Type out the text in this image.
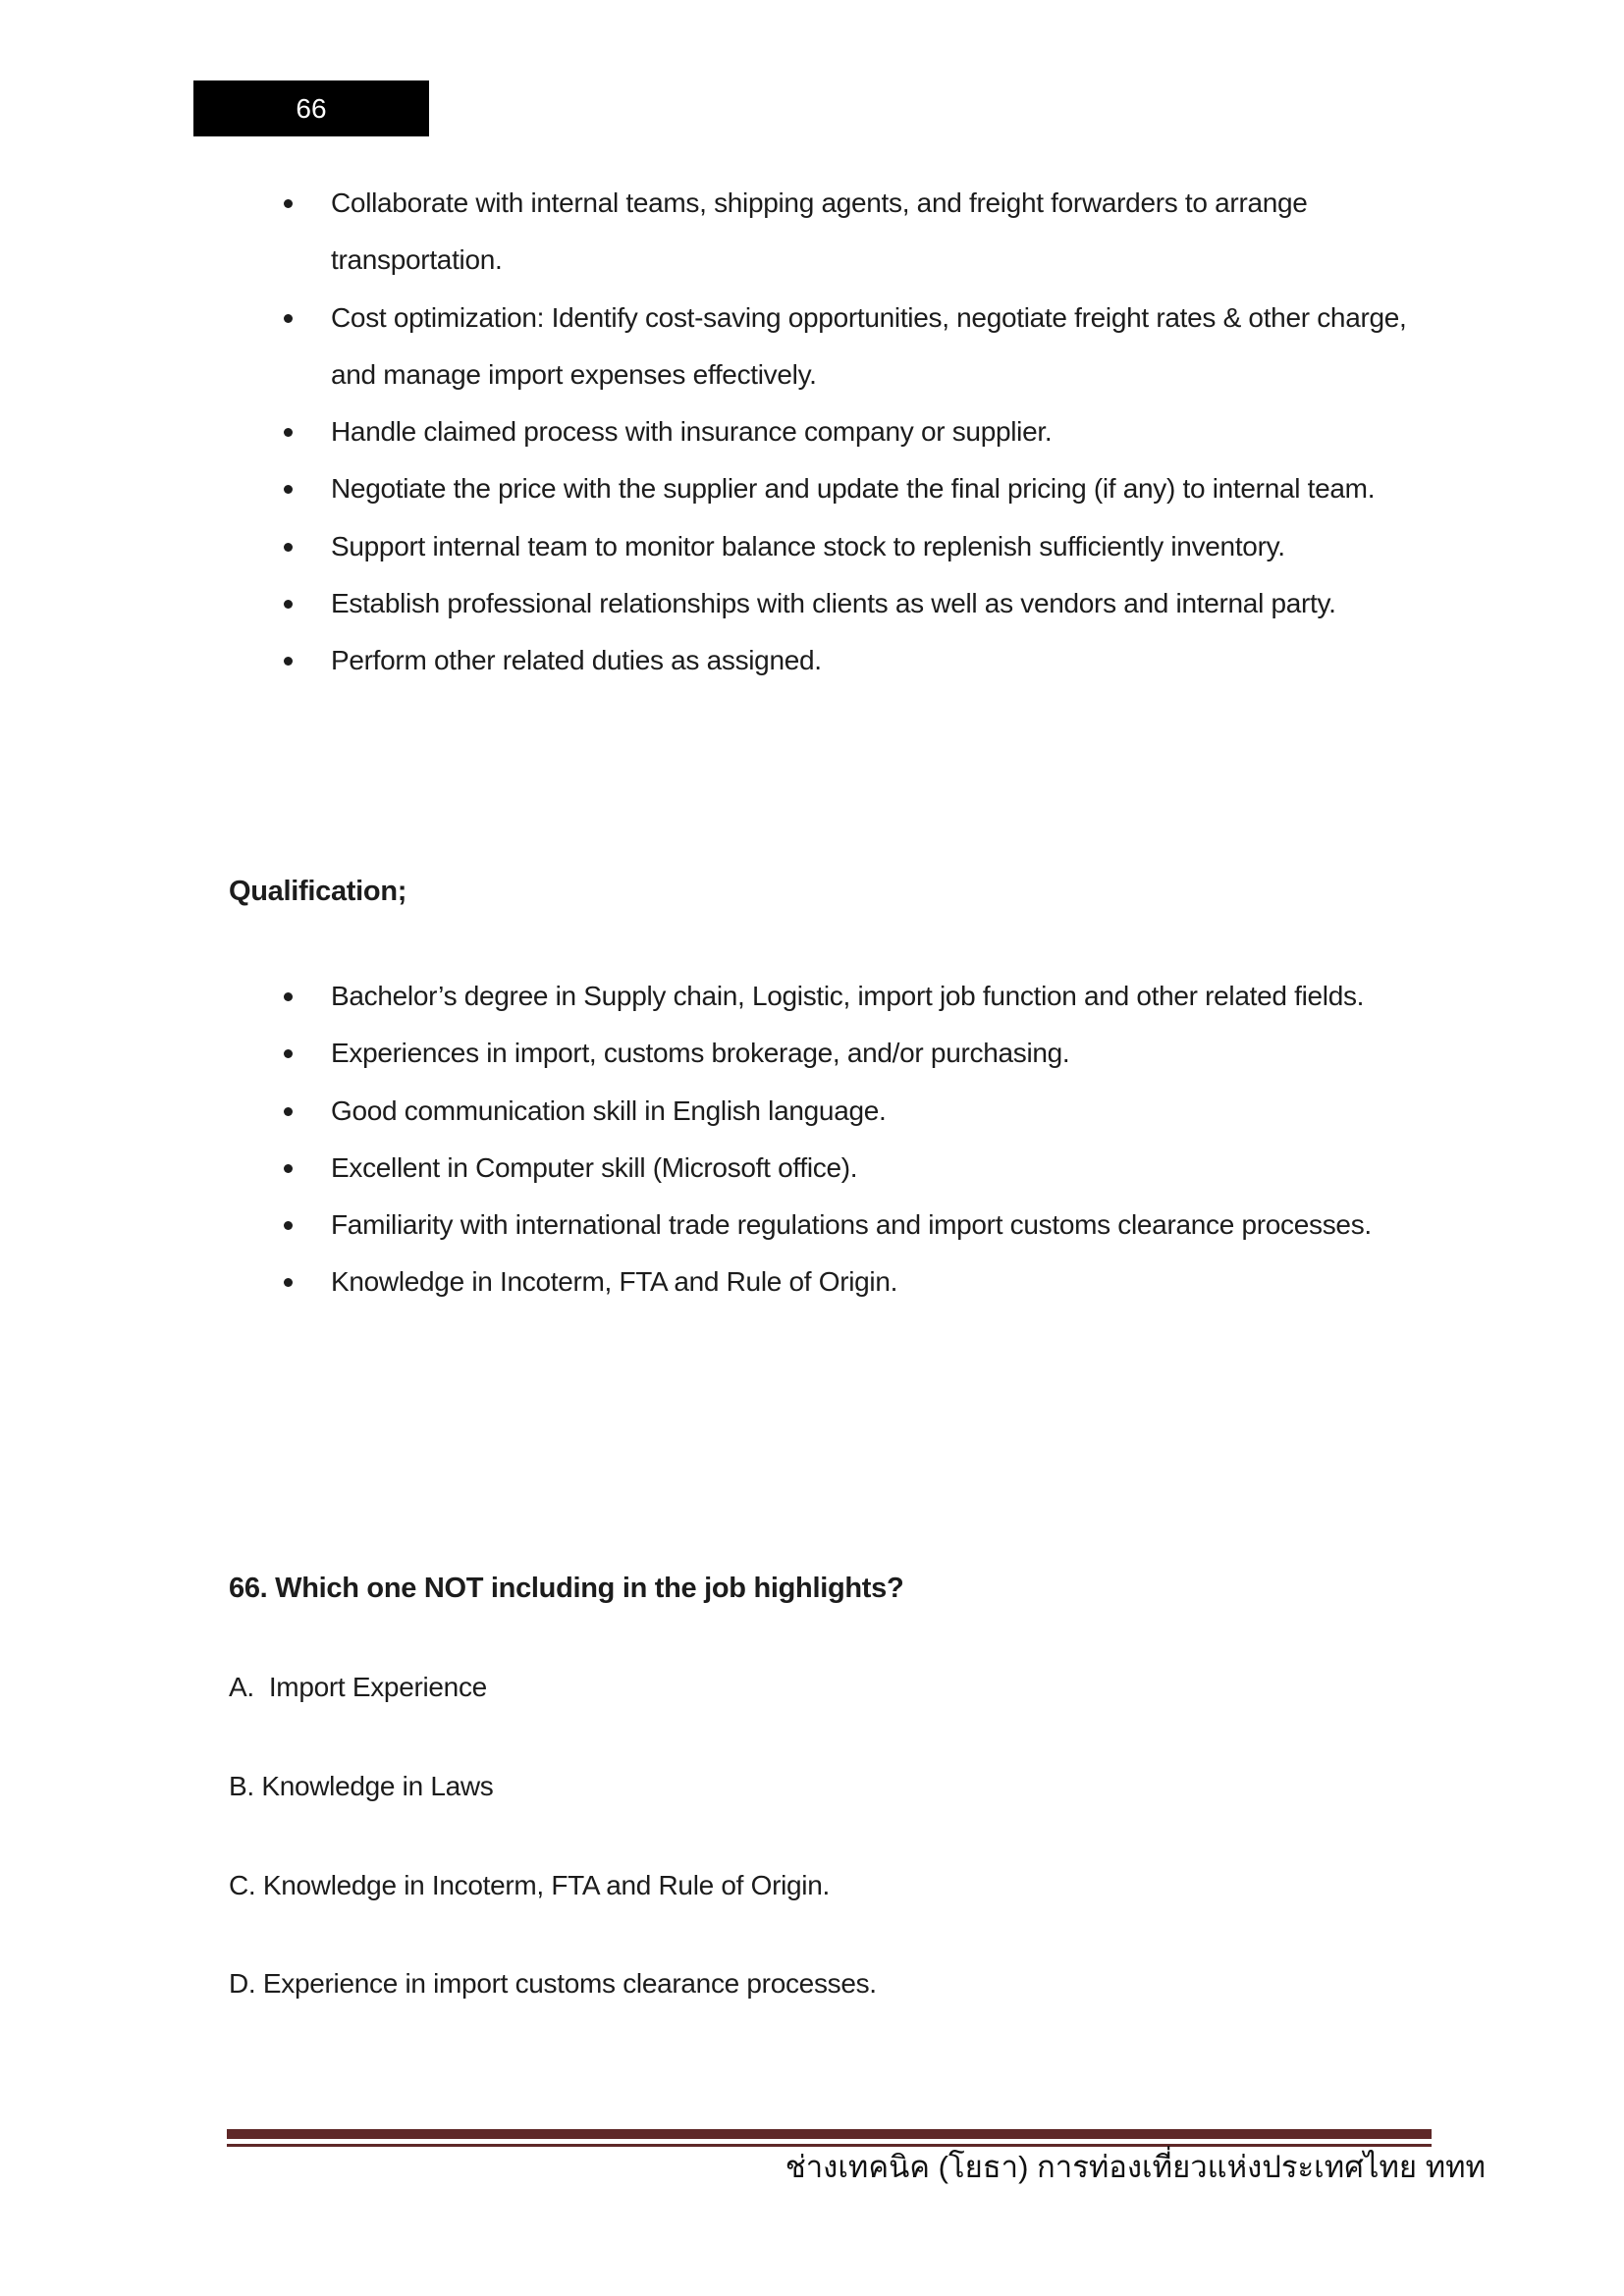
66
Collaborate with internal teams, shipping agents, and freight forwarders to arrange transportation.
Cost optimization: Identify cost-saving opportunities, negotiate freight rates & other charge, and manage import expenses effectively.
Handle claimed process with insurance company or supplier.
Negotiate the price with the supplier and update the final pricing (if any) to internal team.
Support internal team to monitor balance stock to replenish sufficiently inventory.
Establish professional relationships with clients as well as vendors and internal party.
Perform other related duties as assigned.
Qualification;
Bachelor’s degree in Supply chain, Logistic, import job function and other related fields.
Experiences in import, customs brokerage, and/or purchasing.
Good communication skill in English language.
Excellent in Computer skill (Microsoft office).
Familiarity with international trade regulations and import customs clearance processes.
Knowledge in Incoterm, FTA and Rule of Origin.
66. Which one NOT including in the job highlights?
A.  Import Experience
B. Knowledge in Laws
C. Knowledge in Incoterm, FTA and Rule of Origin.
D. Experience in import customs clearance processes.
ช่างเทคนิค (โยธา) การท่องเที่ยวแห่งประเทศไทย ททท
